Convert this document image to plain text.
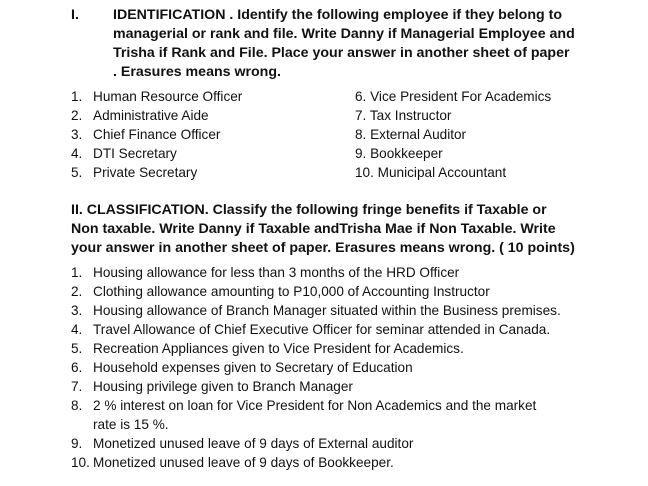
I. IDENTIFICATION . Identify the following employee if they belong to
managerial or rank and file. Write Danny if Managerial Employee and
Trisha if Rank and File. Place your answer in another sheet of paper
. Erasures means wrong.
1. Human Resource Officer
2. Administrative Aide
3. Chief Finance Officer
4. DTI Secretary
5. Private Secretary
6. Vice President For Academics
7. Tax Instructor
8. External Auditor
9. Bookkeeper
10. Municipal Accountant
II. CLASSIFICATION. Classify the following fringe benefits if Taxable or
Non taxable. Write Danny if Taxable andTrisha Mae if Non Taxable. Write
your answer in another sheet of paper. Erasures means wrong. ( 10 points)
1. Housing allowance for less than 3 months of the HRD Officer
2. Clothing allowance amounting to P10,000 of Accounting Instructor
3. Housing allowance of Branch Manager situated within the Business premises.
4. Travel Allowance of Chief Executive Officer for seminar attended in Canada.
5. Recreation Appliances given to Vice President for Academics.
6. Household expenses given to Secretary of Education
7. Housing privilege given to Branch Manager
8. 2 % interest on loan for Vice President for Non Academics and the market
rate is 15 %.
9. Monetized unused leave of 9 days of External auditor
10. Monetized unused leave of 9 days of Bookkeeper.
